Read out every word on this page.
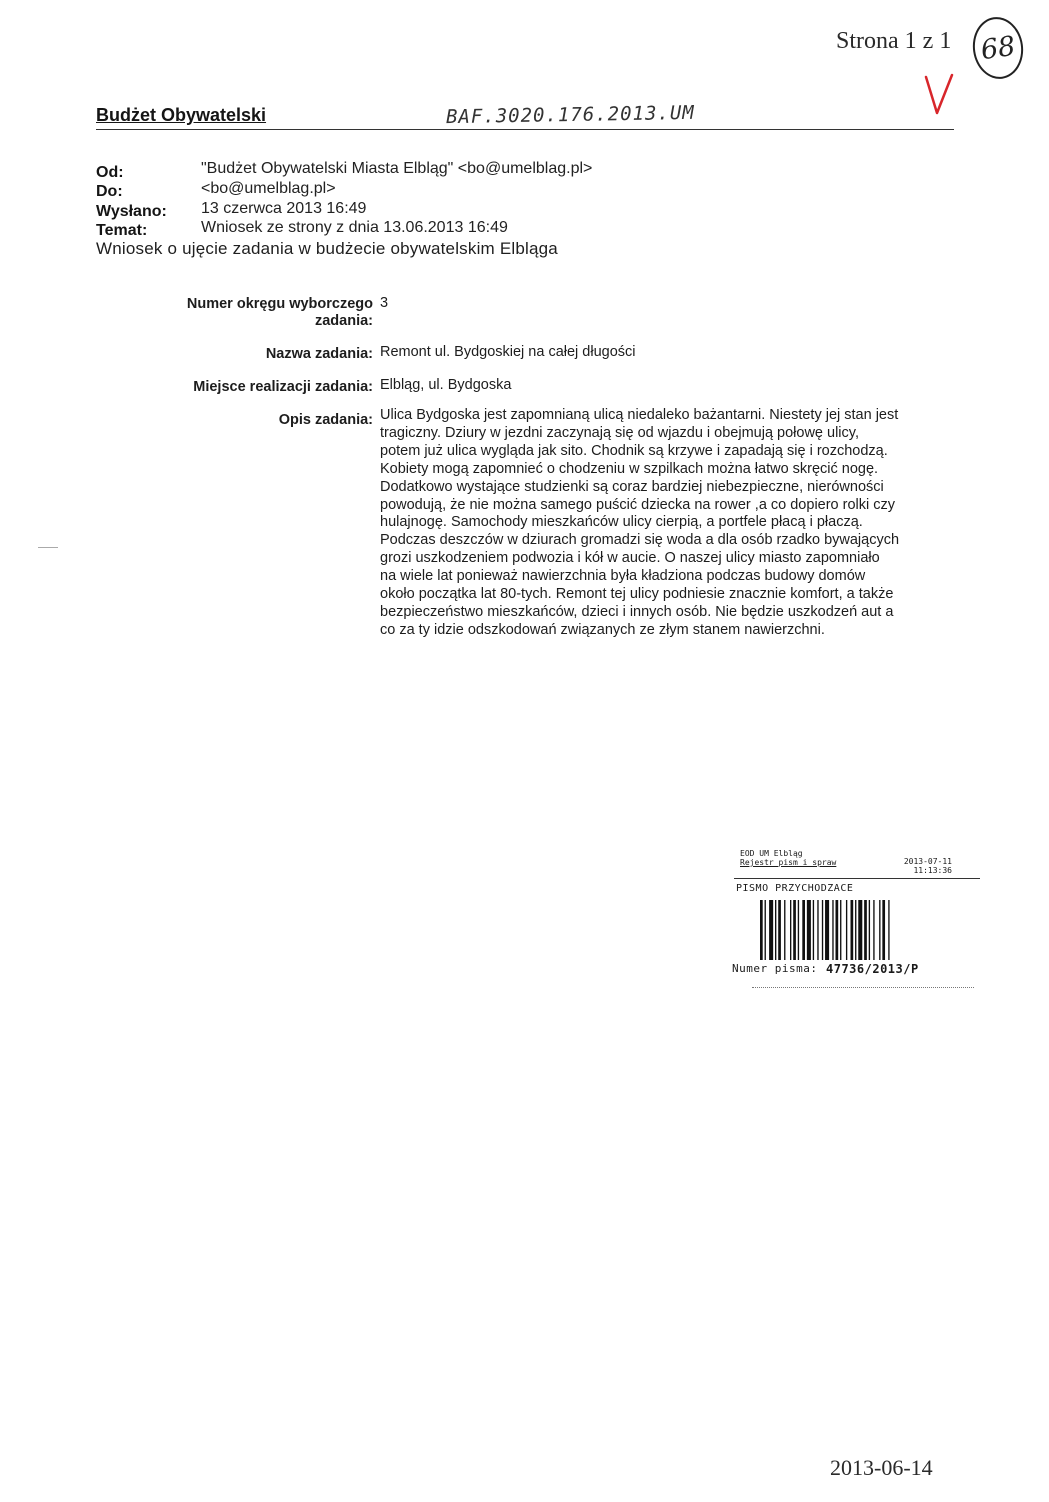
Strona 1 z 1 68
Budżet Obywatelski	BAF.3020.176.2013.UM
Od:	"Budżet Obywatelski Miasta Elbląg" <bo@umelblag.pl>
Do:	<bo@umelblag.pl>
Wysłano: 13 czerwca 2013 16:49
Temat:	Wniosek ze strony z dnia 13.06.2013 16:49
Wniosek o ujęcie zadania w budżecie obywatelskim Elbląga
Numer okręgu wyborczego
zadania:
3
Nazwa zadania: Remont ul. Bydgoskiej na całej długości
Miejsce realizacji zadania: Elbląg, ul. Bydgoska
Opis zadania: Ulica Bydgoska jest zapomnianą ulicą niedaleko bażantarni. Niestety jej stan jest
tragiczny. Dziury w jezdni zaczynają się od wjazdu i obejmują połowę ulicy,
potem już ulica wygląda jak sito. Chodnik są krzywe i zapadają się i rozchodzą.
Kobiety mogą zapomnieć o chodzeniu w szpilkach można łatwo skręcić nogę.
Dodatkowo wystające studzienki są coraz bardziej niebezpieczne, nierówności
powodują, że nie można samego puścić dziecka na rower ,a co dopiero rolki czy
hulajnogę. Samochody mieszkańców ulicy cierpią, a portfele płacą i płaczą.
Podczas deszczów w dziurach gromadzi się woda a dla osób rzadko bywających
grozi uszkodzeniem podwozia i kół w aucie. O naszej ulicy miasto zapomniało
na wiele lat ponieważ nawierzchnia była kładziona podczas budowy domów
około początka lat 80-tych. Remont tej ulicy podniesie znacznie komfort, a także
bezpieczeństwo mieszkańców, dzieci i innych osób. Nie będzie uszkodzeń aut a
co za ty idzie odszkodowań związanych ze złym stanem nawierzchni.
EOD UM Elbląg
Rejestr pism i spraw	2013-07-11
11:13:36
PISMO PRZYCHODZACE
Numer pisma: 47736/2013/P
2013-06-14
